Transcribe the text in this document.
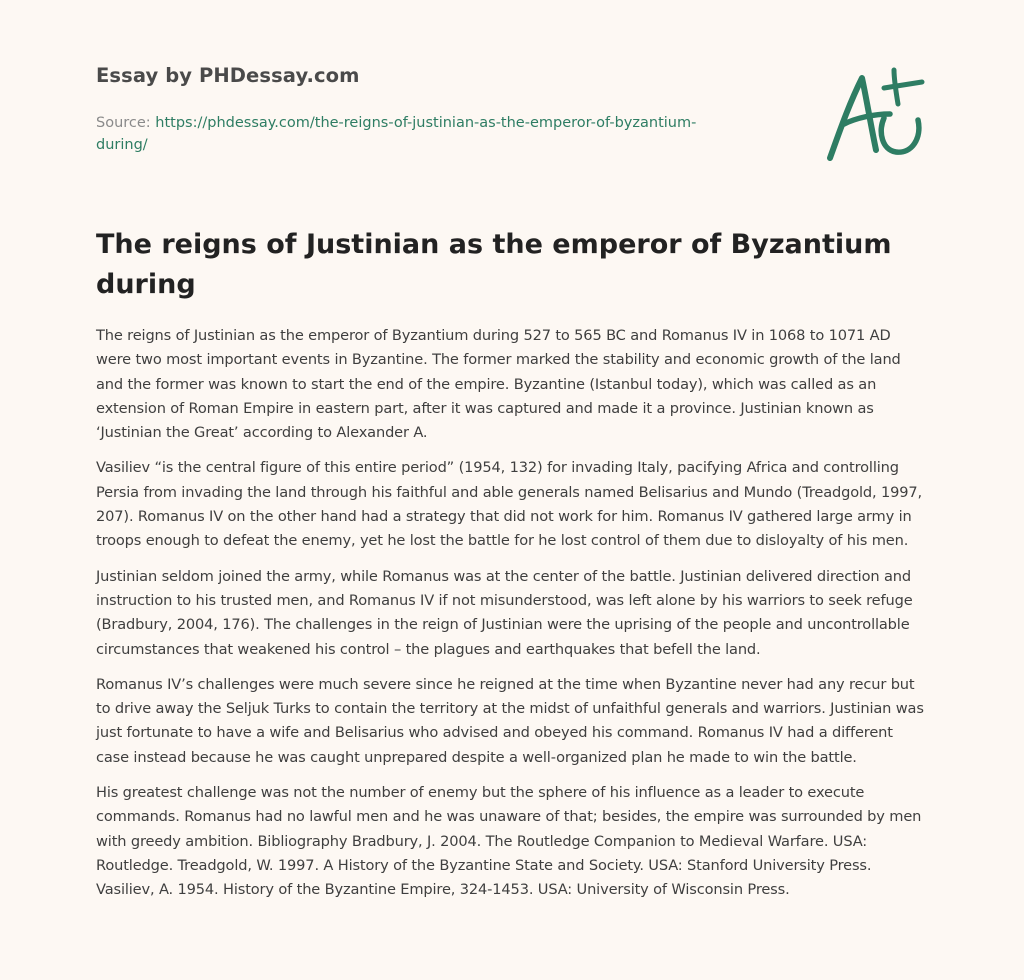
Essay by PHDessay.com
Source: https://phdessay.com/the-reigns-of-justinian-as-the-emperor-of-byzantium-during/
The reigns of Justinian as the emperor of Byzantium during

The reigns of Justinian as the emperor of Byzantium during 527 to 565 BC and Romanus IV in 1068 to 1071 AD were two most important events in Byzantine. The former marked the stability and economic growth of the land and the former was known to start the end of the empire. Byzantine (Istanbul today), which was called as an extension of Roman Empire in eastern part, after it was captured and made it a province. Justinian known as ‘Justinian the Great’ according to Alexander A.

Vasiliev “is the central figure of this entire period” (1954, 132) for invading Italy, pacifying Africa and controlling Persia from invading the land through his faithful and able generals named Belisarius and Mundo (Treadgold, 1997, 207). Romanus IV on the other hand had a strategy that did not work for him. Romanus IV gathered large army in troops enough to defeat the enemy, yet he lost the battle for he lost control of them due to disloyalty of his men.

Justinian seldom joined the army, while Romanus was at the center of the battle. Justinian delivered direction and instruction to his trusted men, and Romanus IV if not misunderstood, was left alone by his warriors to seek refuge (Bradbury, 2004, 176). The challenges in the reign of Justinian were the uprising of the people and uncontrollable circumstances that weakened his control – the plagues and earthquakes that befell the land.

Romanus IV’s challenges were much severe since he reigned at the time when Byzantine never had any recur but to drive away the Seljuk Turks to contain the territory at the midst of unfaithful generals and warriors. Justinian was just fortunate to have a wife and Belisarius who advised and obeyed his command. Romanus IV had a different case instead because he was caught unprepared despite a well-organized plan he made to win the battle.

His greatest challenge was not the number of enemy but the sphere of his influence as a leader to execute commands. Romanus had no lawful men and he was unaware of that; besides, the empire was surrounded by men with greedy ambition. Bibliography Bradbury, J. 2004. The Routledge Companion to Medieval Warfare. USA: Routledge. Treadgold, W. 1997. A History of the Byzantine State and Society. USA: Stanford University Press. Vasiliev, A. 1954. History of the Byzantine Empire, 324-1453. USA: University of Wisconsin Press.
